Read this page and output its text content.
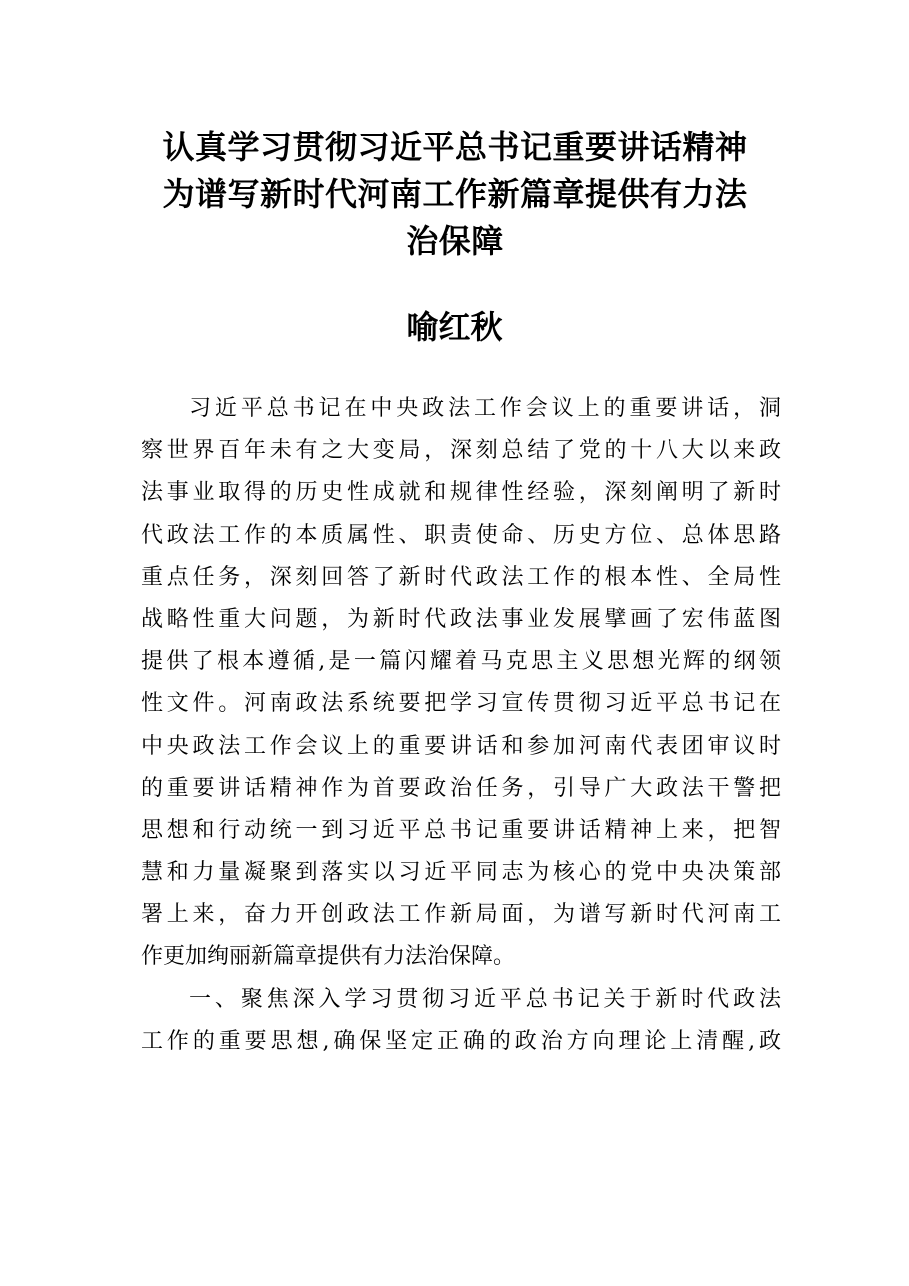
认真学习贯彻习近平总书记重要讲话精神
为谱写新时代河南工作新篇章提供有力法
治保障
喻红秋
习近平总书记在中央政法工作会议上的重要讲话，洞
察世界百年未有之大变局，深刻总结了党的十八大以来政
法事业取得的历史性成就和规律性经验，深刻阐明了新时
代政法工作的本质属性、职责使命、历史方位、总体思路
重点任务，深刻回答了新时代政法工作的根本性、全局性
战略性重大问题，为新时代政法事业发展擘画了宏伟蓝图
提供了根本遵循,是一篇闪耀着马克思主义思想光辉的纲领
性文件。河南政法系统要把学习宣传贯彻习近平总书记在
中央政法工作会议上的重要讲话和参加河南代表团审议时
的重要讲话精神作为首要政治任务，引导广大政法干警把
思想和行动统一到习近平总书记重要讲话精神上来，把智
慧和力量凝聚到落实以习近平同志为核心的党中央决策部
署上来，奋力开创政法工作新局面，为谱写新时代河南工
作更加绚丽新篇章提供有力法治保障。
一、聚焦深入学习贯彻习近平总书记关于新时代政法
工作的重要思想,确保坚定正确的政治方向理论上清醒,政
